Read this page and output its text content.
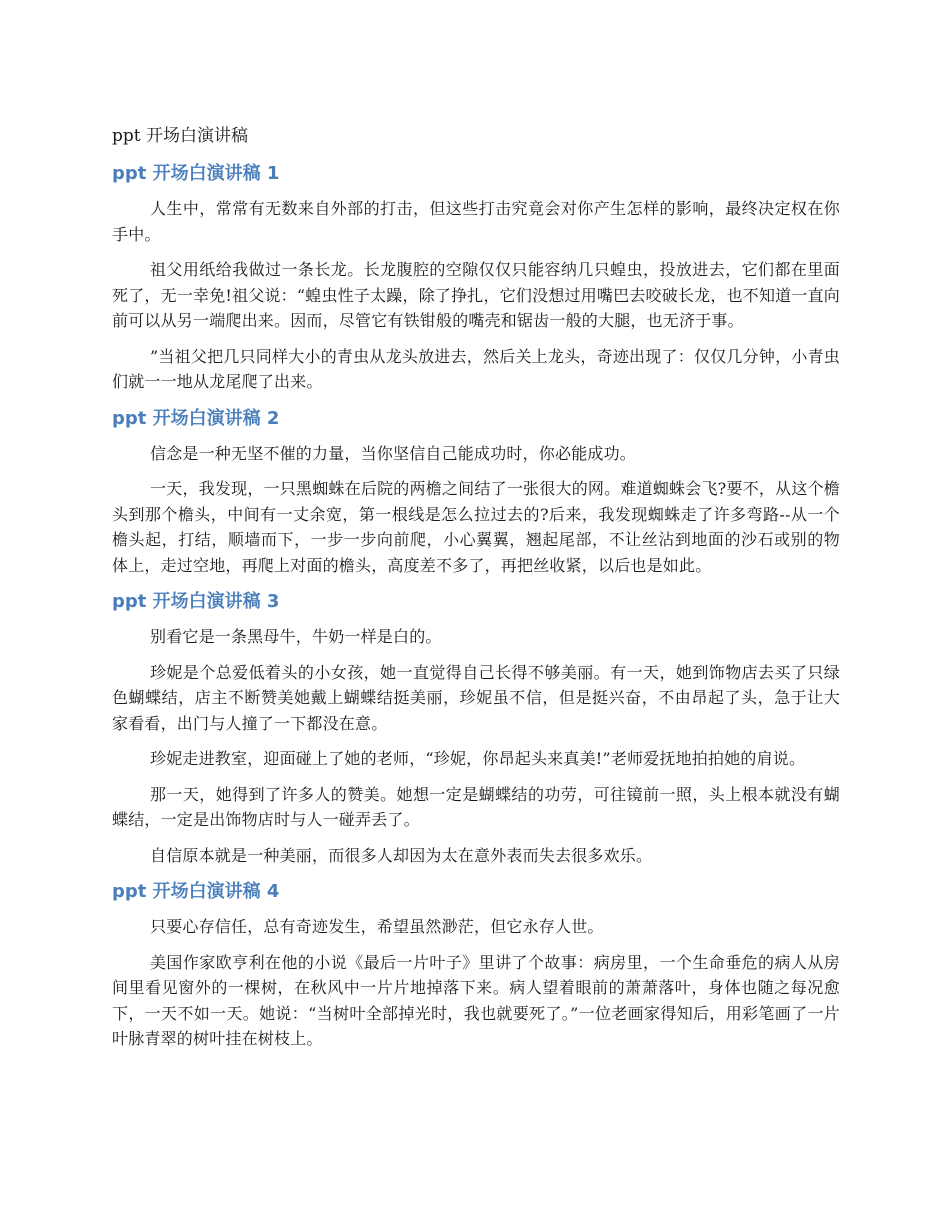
ppt 开场白演讲稿
ppt 开场白演讲稿 1

人生中，常常有无数来自外部的打击，但这些打击究竟会对你产生怎样的影响，最终决定权在你手中。

祖父用纸给我做过一条长龙。长龙腹腔的空隙仅仅只能容纳几只蝗虫，投放进去，它们都在里面死了，无一幸免!祖父说：“蝗虫性子太躁，除了挣扎，它们没想过用嘴巴去咬破长龙，也不知道一直向前可以从另一端爬出来。因而，尽管它有铁钳般的嘴壳和锯齿一般的大腿，也无济于事。

”当祖父把几只同样大小的青虫从龙头放进去，然后关上龙头，奇迹出现了：仅仅几分钟，小青虫们就一一地从龙尾爬了出来。

ppt 开场白演讲稿 2

信念是一种无坚不催的力量，当你坚信自己能成功时，你必能成功。

一天，我发现，一只黑蜘蛛在后院的两檐之间结了一张很大的网。难道蜘蛛会飞?要不，从这个檐头到那个檐头，中间有一丈余宽，第一根线是怎么拉过去的?后来，我发现蜘蛛走了许多弯路--从一个檐头起，打结，顺墙而下，一步一步向前爬，小心翼翼，翘起尾部，不让丝沾到地面的沙石或别的物体上，走过空地，再爬上对面的檐头，高度差不多了，再把丝收紧，以后也是如此。

ppt 开场白演讲稿 3

别看它是一条黑母牛，牛奶一样是白的。

珍妮是个总爱低着头的小女孩，她一直觉得自己长得不够美丽。有一天，她到饰物店去买了只绿色蝴蝶结，店主不断赞美她戴上蝴蝶结挺美丽，珍妮虽不信，但是挺兴奋，不由昂起了头，急于让大家看看，出门与人撞了一下都没在意。

珍妮走进教室，迎面碰上了她的老师，“珍妮，你昂起头来真美!”老师爱抚地拍拍她的肩说。

那一天，她得到了许多人的赞美。她想一定是蝴蝶结的功劳，可往镜前一照，头上根本就没有蝴蝶结，一定是出饰物店时与人一碰弄丢了。

自信原本就是一种美丽，而很多人却因为太在意外表而失去很多欢乐。

ppt 开场白演讲稿 4

只要心存信任，总有奇迹发生，希望虽然渺茫，但它永存人世。

美国作家欧亨利在他的小说《最后一片叶子》里讲了个故事：病房里，一个生命垂危的病人从房间里看见窗外的一棵树，在秋风中一片片地掉落下来。病人望着眼前的萧萧落叶，身体也随之每况愈下，一天不如一天。她说：“当树叶全部掉光时，我也就要死了。”一位老画家得知后，用彩笔画了一片叶脉青翠的树叶挂在树枝上。
